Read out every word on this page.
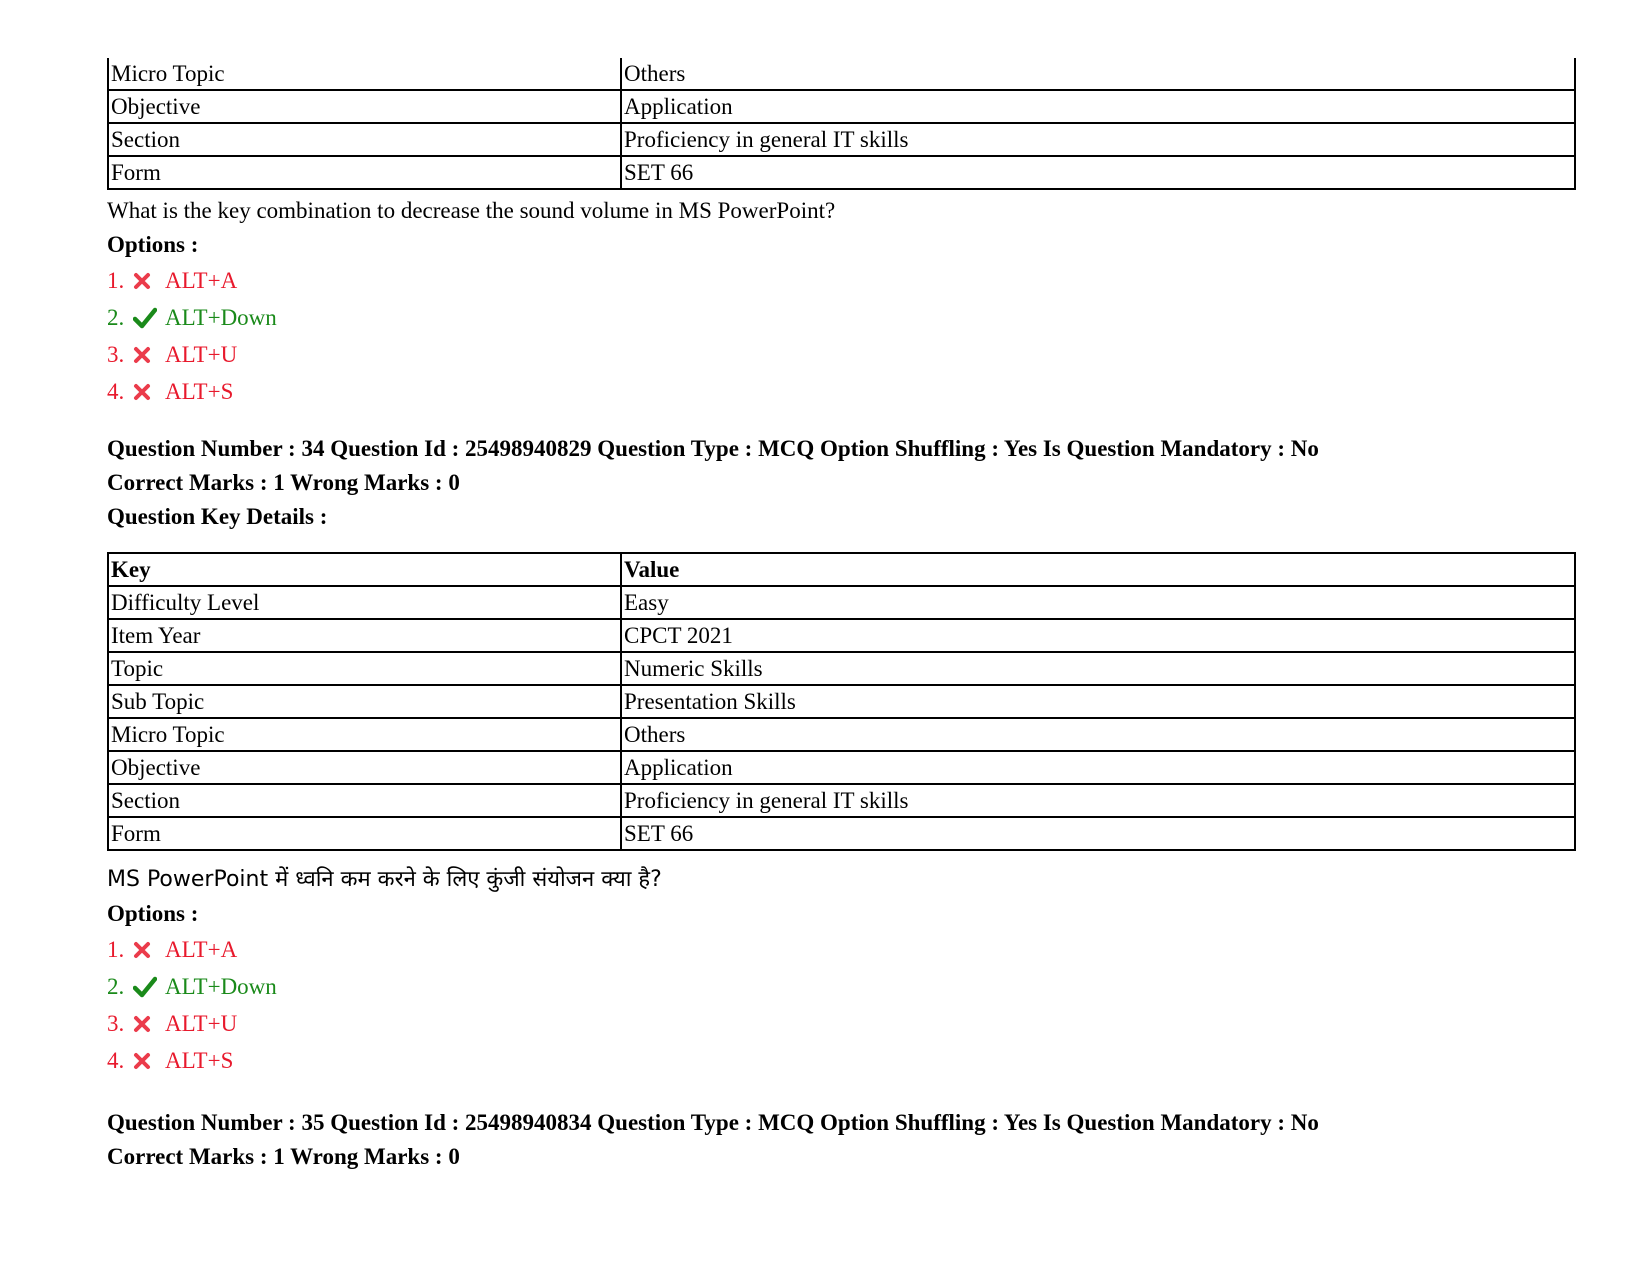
Micro Topic	Others
Objective	Application
Section	Proficiency in general IT skills
Form	SET 66

What is the key combination to decrease the sound volume in MS PowerPoint?

Options :

1.	ALT+A
2.	ALT+Down
3.	ALT+U
4.	ALT+S

Question Number : 34 Question Id : 25498940829 Question Type : MCQ Option Shuffling : Yes Is Question Mandatory : No

Correct Marks : 1 Wrong Marks : 0

Question Key Details :

Key	Value
Difficulty Level	Easy
Item Year	CPCT 2021
Topic	Numeric Skills
Sub Topic	Presentation Skills
Micro Topic	Others
Objective	Application
Section	Proficiency in general IT skills
Form	SET 66

MS PowerPoint में ध्वनि कम करने के लिए कुंजी संयोजन क्या है?

Options :

1.	ALT+A
2.	ALT+Down
3.	ALT+U
4.	ALT+S

Question Number : 35 Question Id : 25498940834 Question Type : MCQ Option Shuffling : Yes Is Question Mandatory : No

Correct Marks : 1 Wrong Marks : 0
